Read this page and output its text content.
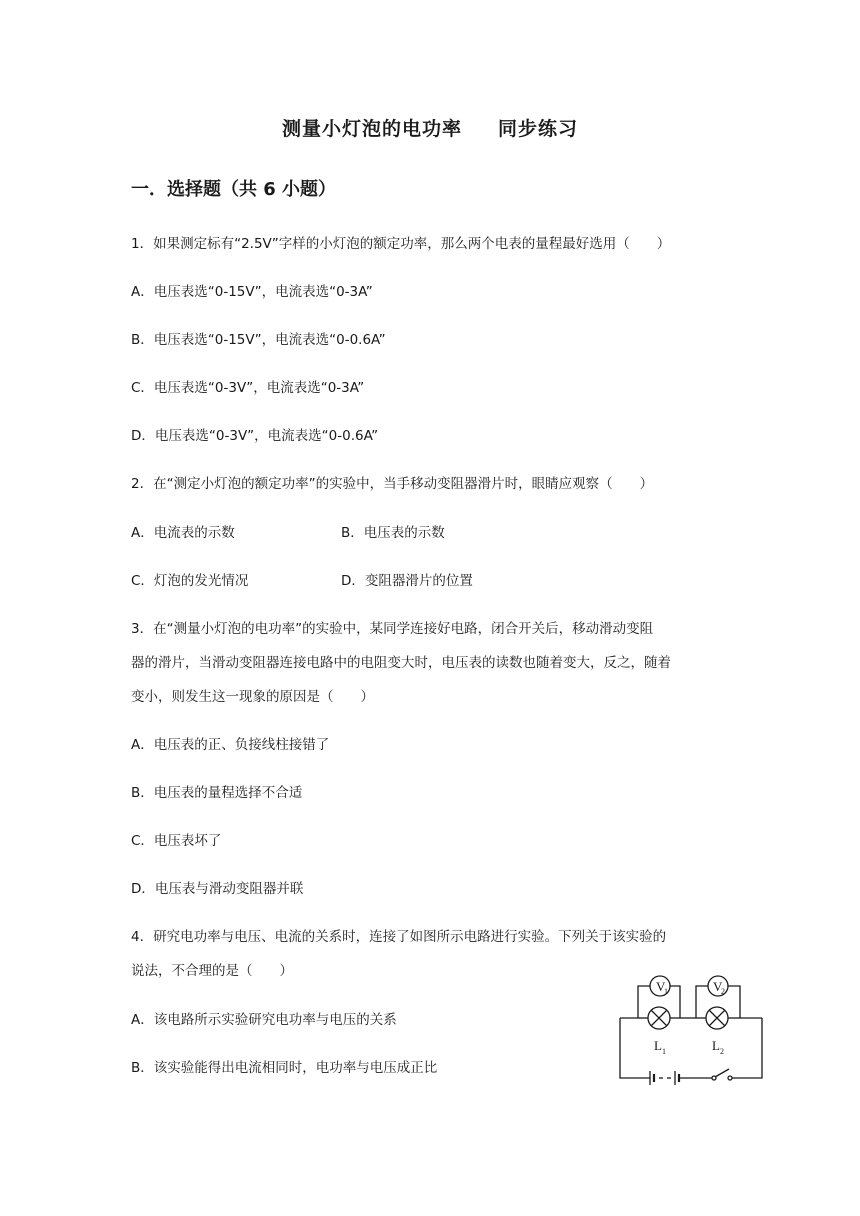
测量小灯泡的电功率 同步练习
一．选择题（共 6 小题）
1．如果测定标有“2.5V”字样的小灯泡的额定功率，那么两个电表的量程最好选用（　　）
A．电压表选“0-15V”，电流表选“0-3A”
B．电压表选“0-15V”，电流表选“0-0.6A”
C．电压表选“0-3V”，电流表选“0-3A”
D．电压表选“0-3V”，电流表选“0-0.6A”
2．在“测定小灯泡的额定功率”的实验中，当手移动变阻器滑片时，眼睛应观察（　　）
A．电流表的示数	B．电压表的示数
C．灯泡的发光情况	D．变阻器滑片的位置
3．在“测量小灯泡的电功率”的实验中，某同学连接好电路，闭合开关后，移动滑动变阻
器的滑片，当滑动变阻器连接电路中的电阻变大时，电压表的读数也随着变大，反之，随着
变小，则发生这一现象的原因是（　　）
A．电压表的正、负接线柱接错了
B．电压表的量程选择不合适
C．电压表坏了
D．电压表与滑动变阻器并联
4．研究电功率与电压、电流的关系时，连接了如图所示电路进行实验。下列关于该实验的
说法，不合理的是（　　）
A．该电路所示实验研究电功率与电压的关系
B．该实验能得出电流相同时，电功率与电压成正比
V
1	V
2
L 1	L 2
